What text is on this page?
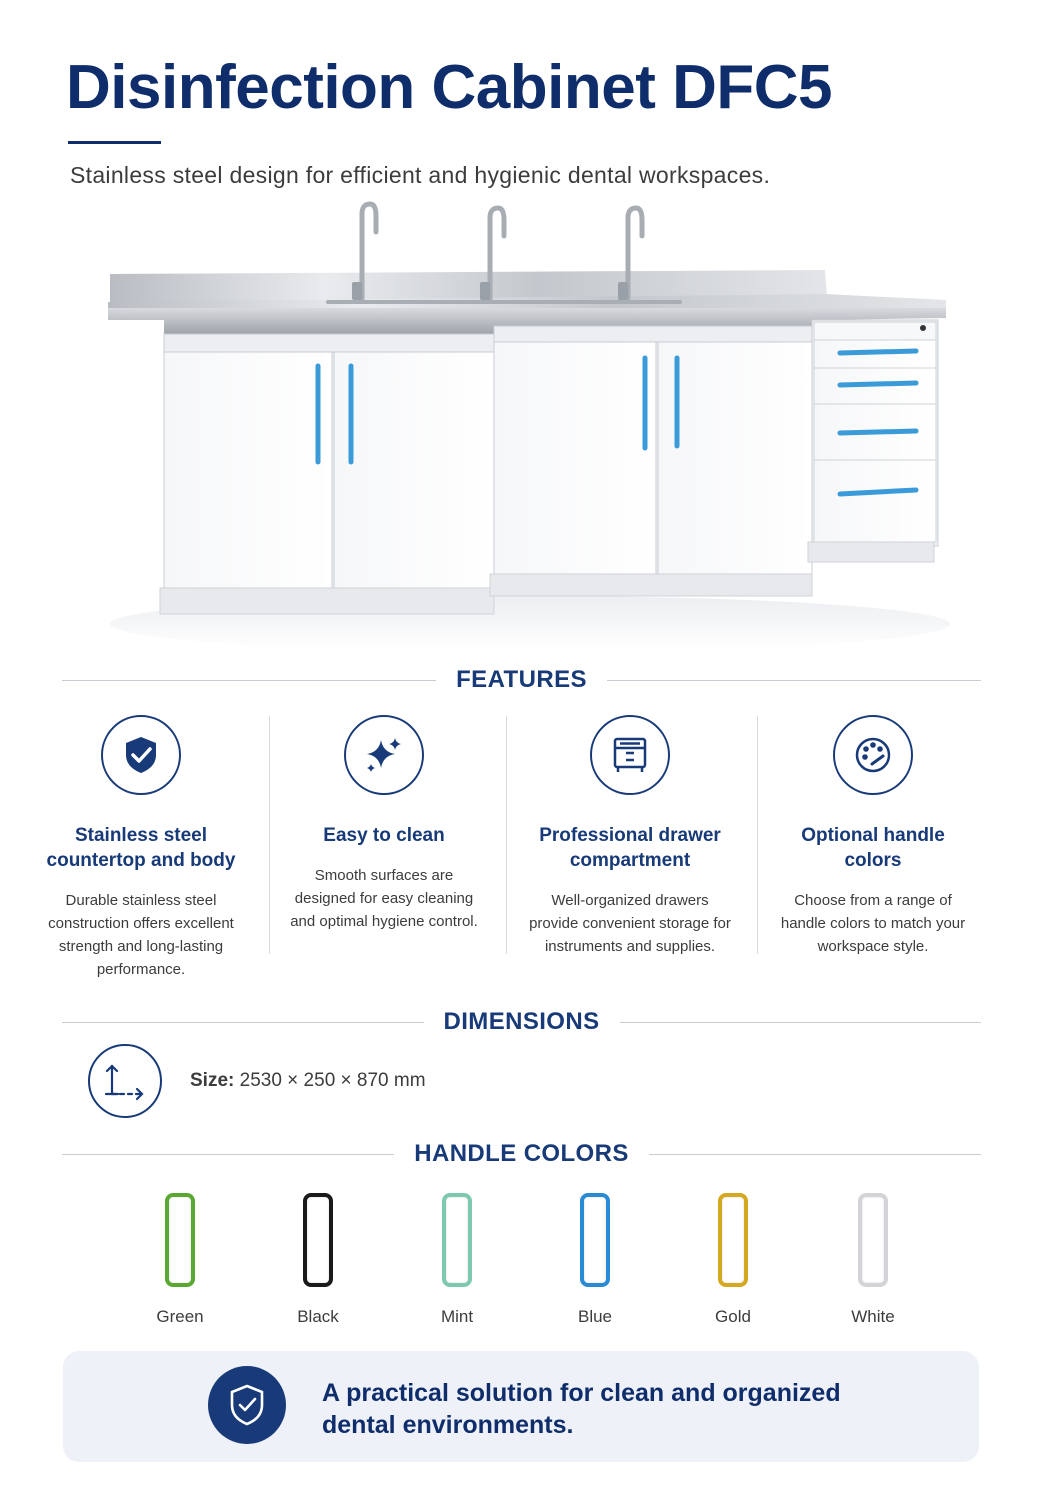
Disinfection Cabinet DFC5
Stainless steel design for efficient and hygienic dental workspaces.
FEATURES
Stainless steel countertop and body
Durable stainless steel construction offers excellent strength and long-lasting performance.
Easy to clean
Smooth surfaces are designed for easy cleaning and optimal hygiene control.
Professional drawer compartment
Well-organized drawers provide convenient storage for instruments and supplies.
Optional handle colors
Choose from a range of handle colors to match your workspace style.
DIMENSIONS
Size: 2530 × 250 × 870 mm
HANDLE COLORS
Green	Black	Mint	Blue	Gold	White
A practical solution for clean and organized
dental environments.
